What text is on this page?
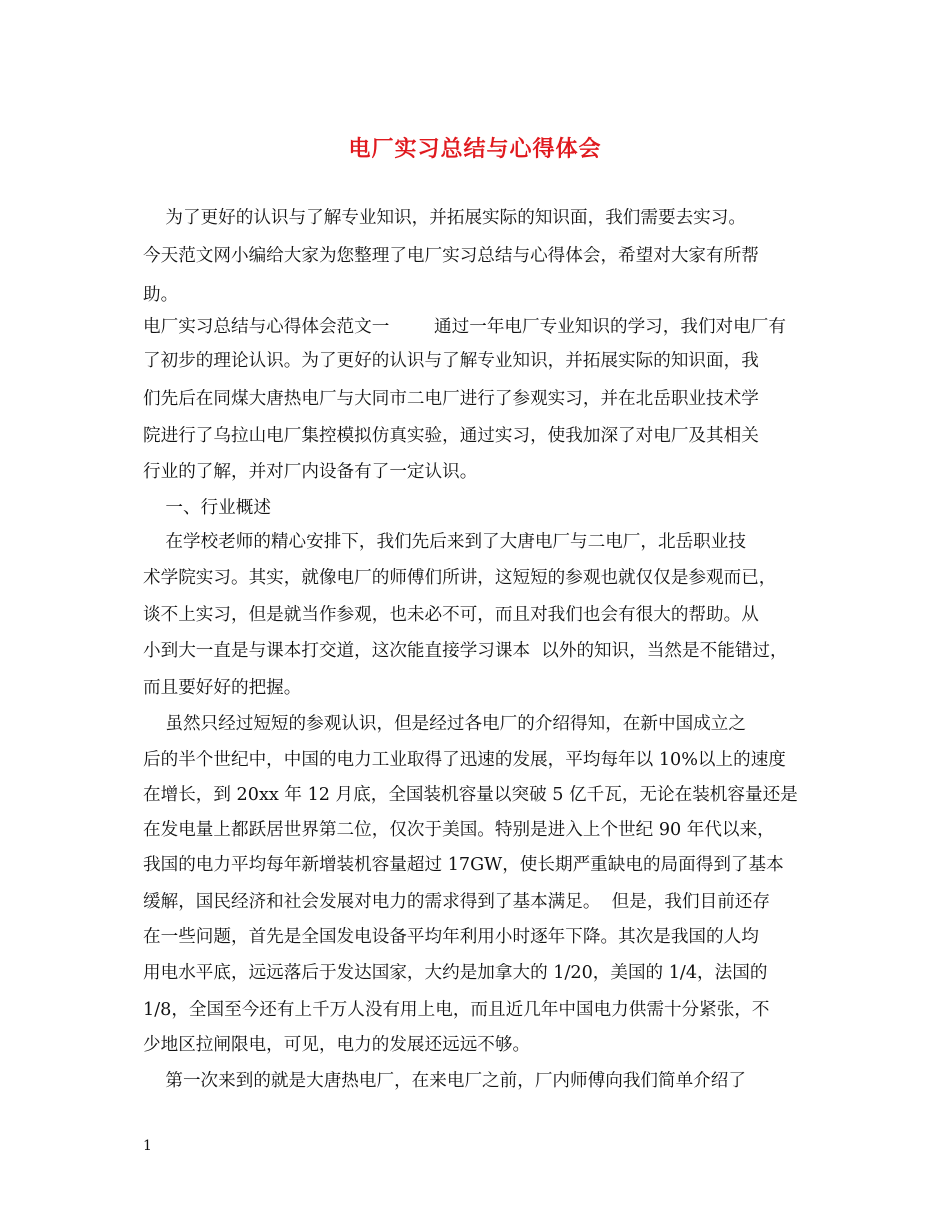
电厂实习总结与心得体会
为了更好的认识与了解专业知识，并拓展实际的知识面，我们需要去实习。
今天范文网小编给大家为您整理了电厂实习总结与心得体会，希望对大家有所帮
助。
电厂实习总结与心得体会范文一        通过一年电厂专业知识的学习，我们对电厂有
了初步的理论认识。为了更好的认识与了解专业知识，并拓展实际的知识面，我
们先后在同煤大唐热电厂与大同市二电厂进行了参观实习，并在北岳职业技术学
院进行了乌拉山电厂集控模拟仿真实验，通过实习，使我加深了对电厂及其相关
行业的了解，并对厂内设备有了一定认识。
一、行业概述
在学校老师的精心安排下，我们先后来到了大唐电厂与二电厂，北岳职业技
术学院实习。其实，就像电厂的师傅们所讲，这短短的参观也就仅仅是参观而已，
谈不上实习，但是就当作参观，也未必不可，而且对我们也会有很大的帮助。从
小到大一直是与课本打交道，这次能直接学习课本  以外的知识，当然是不能错过，
而且要好好的把握。
虽然只经过短短的参观认识，但是经过各电厂的介绍得知，在新中国成立之
后的半个世纪中，中国的电力工业取得了迅速的发展，平均每年以 10%以上的速度
在增长，到 20xx 年 12 月底，全国装机容量以突破 5 亿千瓦，无论在装机容量还是
在发电量上都跃居世界第二位，仅次于美国。特别是进入上个世纪 90 年代以来，
我国的电力平均每年新增装机容量超过 17GW，使长期严重缺电的局面得到了基本
缓解，国民经济和社会发展对电力的需求得到了基本满足。  但是，我们目前还存
在一些问题，首先是全国发电设备平均年利用小时逐年下降。其次是我国的人均
用电水平底，远远落后于发达国家，大约是加拿大的 1/20，美国的 1/4，法国的
1/8，全国至今还有上千万人没有用上电，而且近几年中国电力供需十分紧张，不
少地区拉闸限电，可见，电力的发展还远远不够。
第一次来到的就是大唐热电厂，在来电厂之前，厂内师傅向我们简单介绍了
1
